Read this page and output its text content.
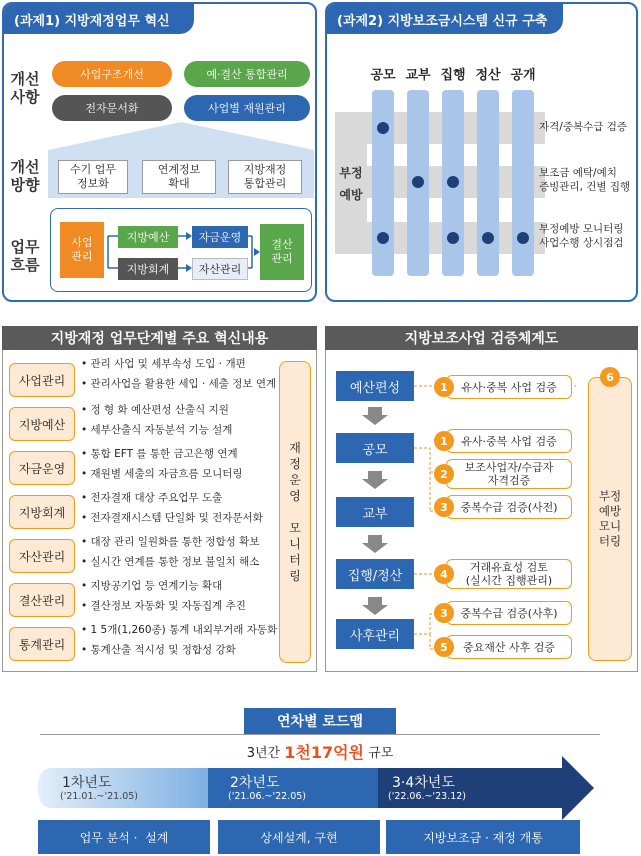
(과제1) 지방재정업무 혁신
개선
사항
사업구조개선	예·결산 통합관리
전자문서화	사업별 재원관리
개선
방향
수기 업무
정보화
연계정보
확대
지방재정
통합관리
업무
흐름
사업
관리
지방예산
지방회계
자금운영
자산관리
결산
관리
(과제2) 지방보조금시스템 신규 구축
공모 교부 집행 정산 공개
부정
예방
자격/중복수급 검증
보조금 예탁/예치
증빙관리, 건별 집행
부정예방 모니터링
사업수행 상시점검
지방재정 업무단계별 주요 혁신내용
사업관리
• 관리 사업 및 세부속성 도입 · 개편
• 관리사업을 활용한 세입 · 세출 정보 연계
지방예산
• 정 형 화 예산편성 산출식 지원
• 세부산출식 자동분석 기능 설계
자금운영
• 통합 EFT 를 통한 금고은행 연계
• 재원별 세출의 자금흐름 모니터링
지방회계
• 전자결재 대상 주요업무 도출
• 전자결재시스템 단일화 및 전자문서화
자산관리
• 대장 관리 일원화를 통한 정합성 확보
• 실시간 연계를 통한 정보 불일치 해소
결산관리
• 지방공기업 등 연계기능 확대
• 결산정보 자동화 및 자동집계 추진
통계관리
• 1 5개(1,260종) 통계 내외부거래 자동화
• 통계산출 적시성 및 정합성 강화
재
정
운
영

모
니
터
링
지방보조사업 검증체계도
예산편성
공모
교부
집행/정산
사후관리
유사·중복 사업 검증
1
유사·중복 사업 검증
1
보조사업자/수급자
자격검증
2
중복수급 검증(사전)
3
거래유효성 검토
(실시간 집행관리)
4
중복수급 검증(사후)
3
중요재산 사후 검증
5
부정
예방
모니
터링
6
연차별 로드맵
3년간 1천17억원 규모
1차년도
('21.01.~'21.05)
2차년도
('21.06.~'22.05)
3·4차년도
('22.06.~'23.12)
업무 분석 ·  설계	상세설계, 구현	지방보조금 · 재정 개통
